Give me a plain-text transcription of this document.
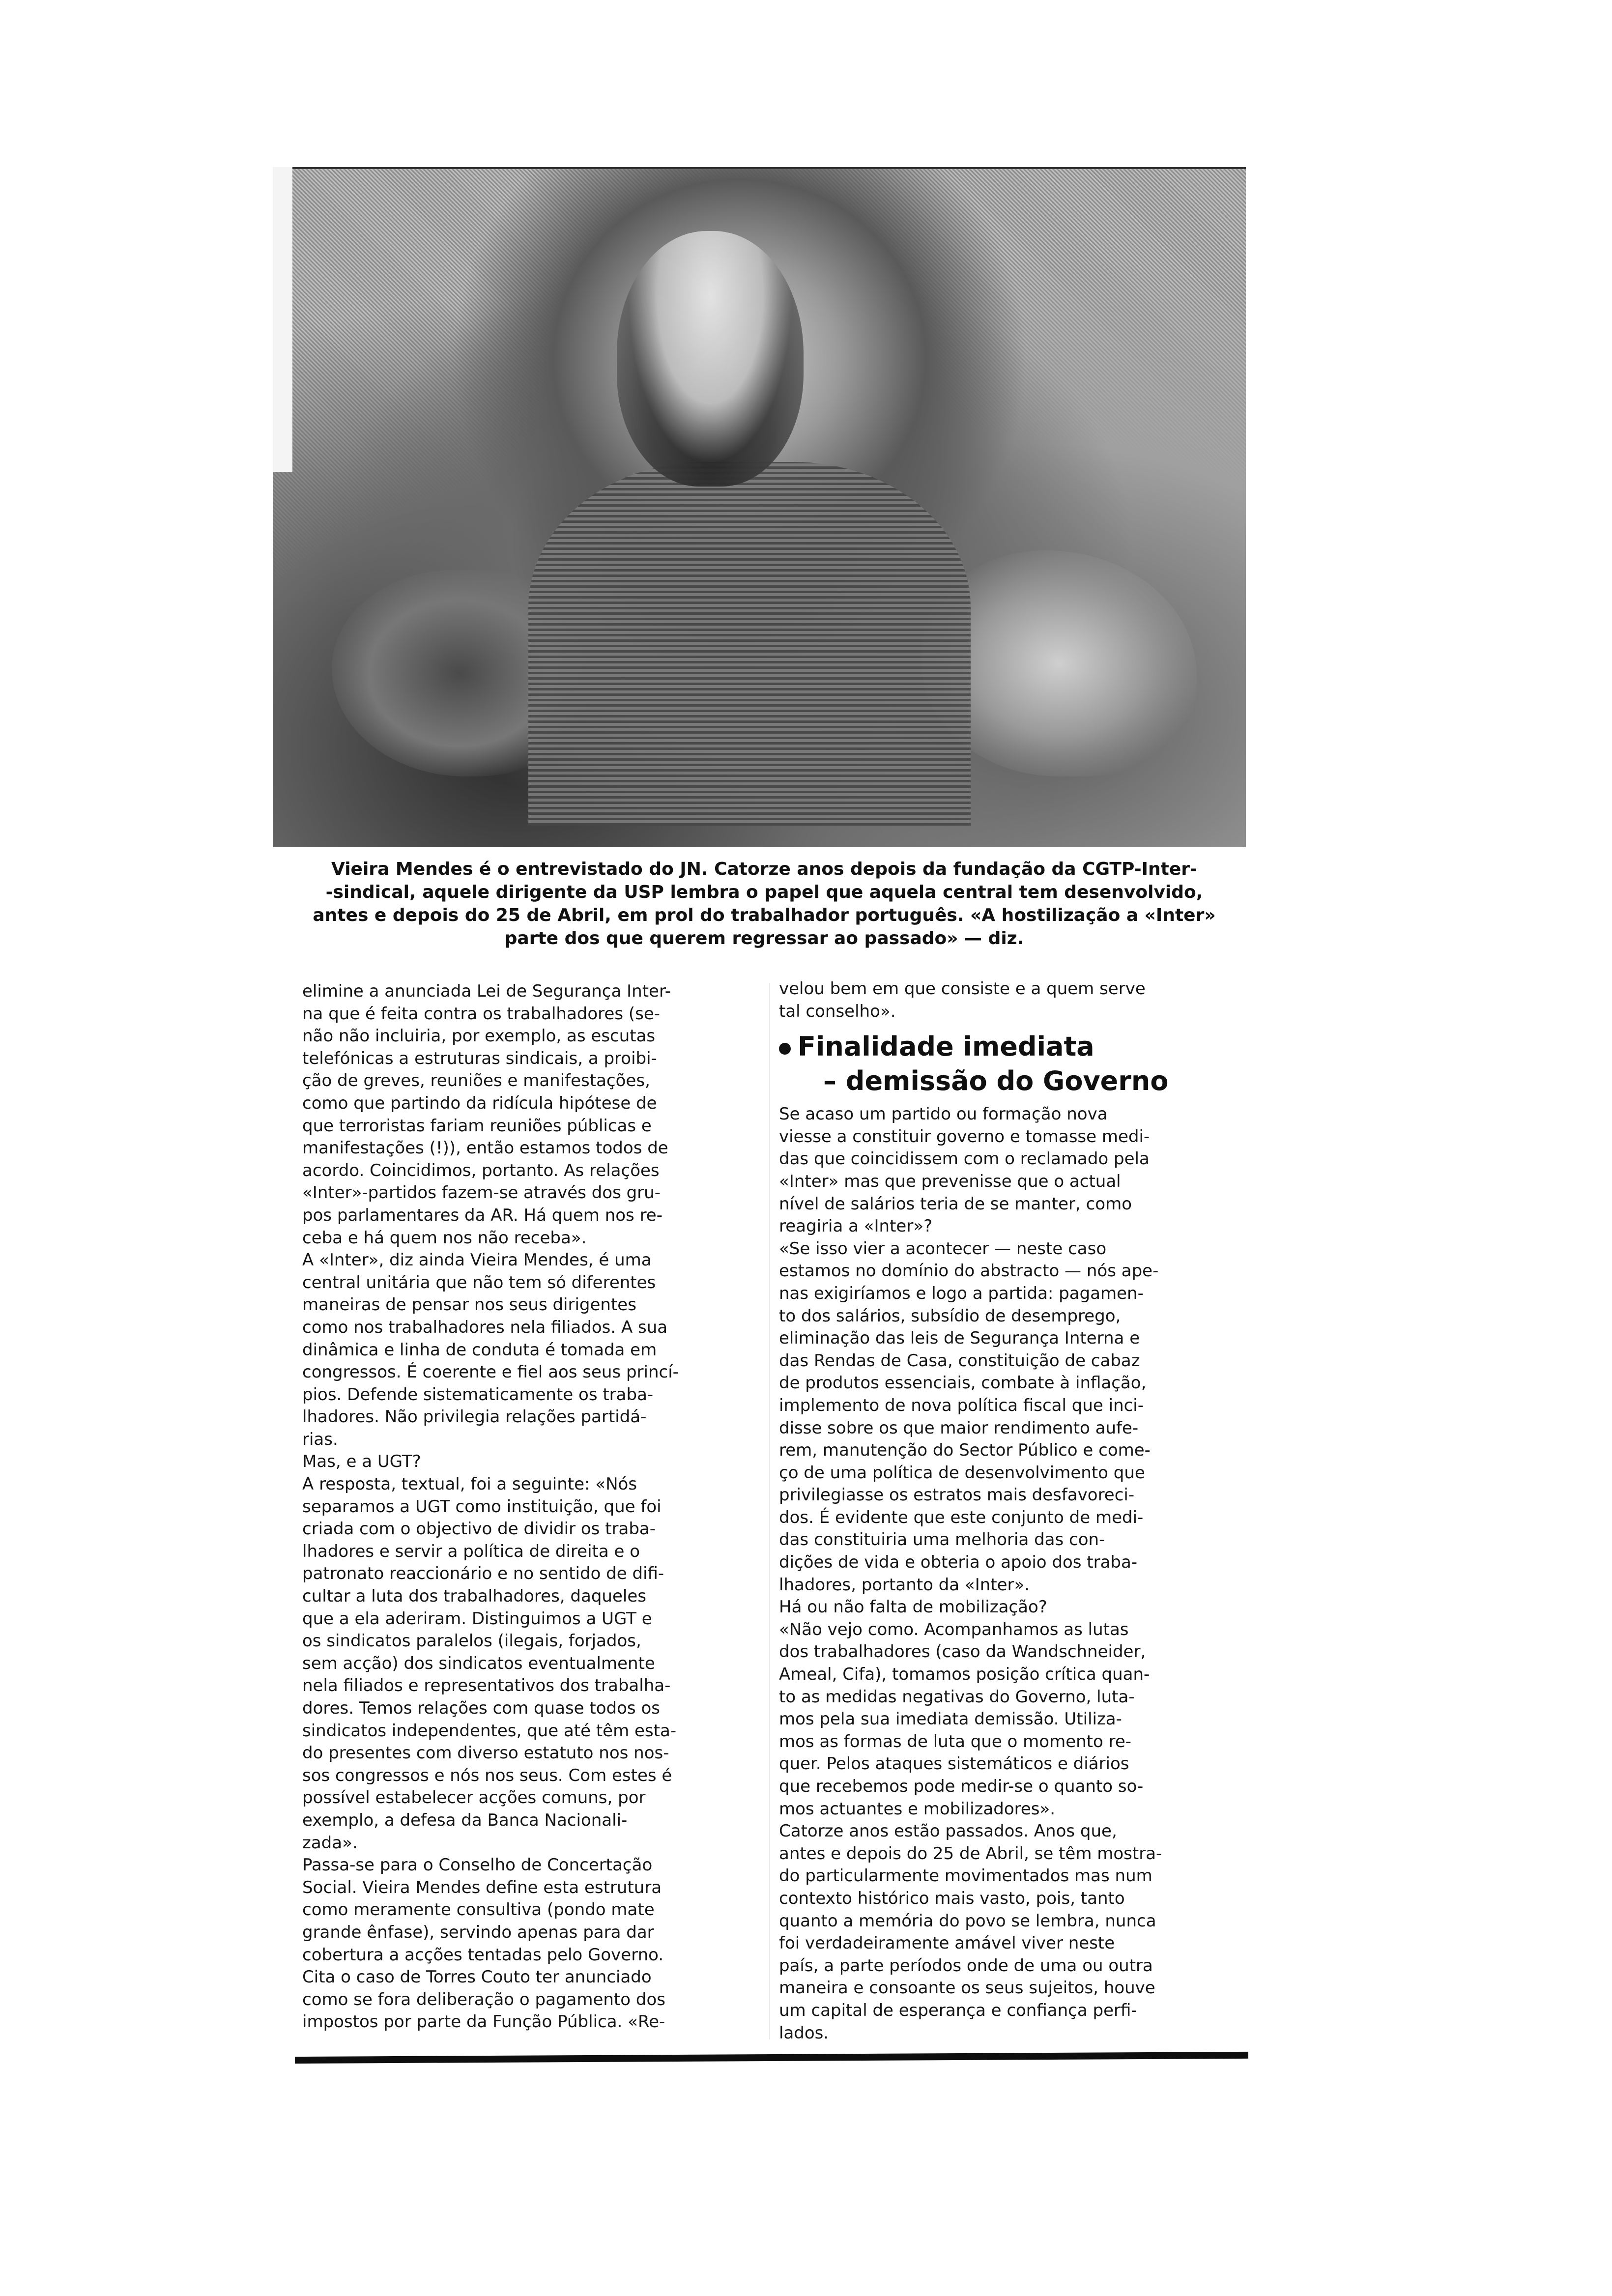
Vieira Mendes é o entrevistado do JN. Catorze anos depois da fundação da CGTP-Inter-
-sindical, aquele dirigente da USP lembra o papel que aquela central tem desenvolvido,
antes e depois do 25 de Abril, em prol do trabalhador português. «A hostilização a «Inter»
parte dos que querem regressar ao passado» — diz.
elimine a anunciada Lei de Segurança Inter-
na que é feita contra os trabalhadores (se-
não não incluiria, por exemplo, as escutas
telefónicas a estruturas sindicais, a proibi-
ção de greves, reuniões e manifestações,
como que partindo da ridícula hipótese de
que terroristas fariam reuniões públicas e
manifestações (!)), então estamos todos de
acordo. Coincidimos, portanto. As relações
«Inter»-partidos fazem-se através dos gru-
pos parlamentares da AR. Há quem nos re-
ceba e há quem nos não receba».
A «Inter», diz ainda Vieira Mendes, é uma
central unitária que não tem só diferentes
maneiras de pensar nos seus dirigentes
como nos trabalhadores nela filiados. A sua
dinâmica e linha de conduta é tomada em
congressos. É coerente e fiel aos seus princí-
pios. Defende sistematicamente os traba-
lhadores. Não privilegia relações partidá-
rias.
Mas, e a UGT?
A resposta, textual, foi a seguinte: «Nós
separamos a UGT como instituição, que foi
criada com o objectivo de dividir os traba-
lhadores e servir a política de direita e o
patronato reaccionário e no sentido de difi-
cultar a luta dos trabalhadores, daqueles
que a ela aderiram. Distinguimos a UGT e
os sindicatos paralelos (ilegais, forjados,
sem acção) dos sindicatos eventualmente
nela filiados e representativos dos trabalha-
dores. Temos relações com quase todos os
sindicatos independentes, que até têm esta-
do presentes com diverso estatuto nos nos-
sos congressos e nós nos seus. Com estes é
possível estabelecer acções comuns, por
exemplo, a defesa da Banca Nacionali-
zada».
Passa-se para o Conselho de Concertação
Social. Vieira Mendes define esta estrutura
como meramente consultiva (pondo mate
grande ênfase), servindo apenas para dar
cobertura a acções tentadas pelo Governo.
Cita o caso de Torres Couto ter anunciado
como se fora deliberação o pagamento dos
impostos por parte da Função Pública. «Re-
velou bem em que consiste e a quem serve
tal conselho».
Finalidade imediata
– demissão do Governo
Se acaso um partido ou formação nova
viesse a constituir governo e tomasse medi-
das que coincidissem com o reclamado pela
«Inter» mas que prevenisse que o actual
nível de salários teria de se manter, como
reagiria a «Inter»?
«Se isso vier a acontecer — neste caso
estamos no domínio do abstracto — nós ape-
nas exigiríamos e logo a partida: pagamen-
to dos salários, subsídio de desemprego,
eliminação das leis de Segurança Interna e
das Rendas de Casa, constituição de cabaz
de produtos essenciais, combate à inflação,
implemento de nova política fiscal que inci-
disse sobre os que maior rendimento aufe-
rem, manutenção do Sector Público e come-
ço de uma política de desenvolvimento que
privilegiasse os estratos mais desfavoreci-
dos. É evidente que este conjunto de medi-
das constituiria uma melhoria das con-
dições de vida e obteria o apoio dos traba-
lhadores, portanto da «Inter».
Há ou não falta de mobilização?
«Não vejo como. Acompanhamos as lutas
dos trabalhadores (caso da Wandschneider,
Ameal, Cifa), tomamos posição crítica quan-
to as medidas negativas do Governo, luta-
mos pela sua imediata demissão. Utiliza-
mos as formas de luta que o momento re-
quer. Pelos ataques sistemáticos e diários
que recebemos pode medir-se o quanto so-
mos actuantes e mobilizadores».
Catorze anos estão passados. Anos que,
antes e depois do 25 de Abril, se têm mostra-
do particularmente movimentados mas num
contexto histórico mais vasto, pois, tanto
quanto a memória do povo se lembra, nunca
foi verdadeiramente amável viver neste
país, a parte períodos onde de uma ou outra
maneira e consoante os seus sujeitos, houve
um capital de esperança e confiança perfi-
lados.
